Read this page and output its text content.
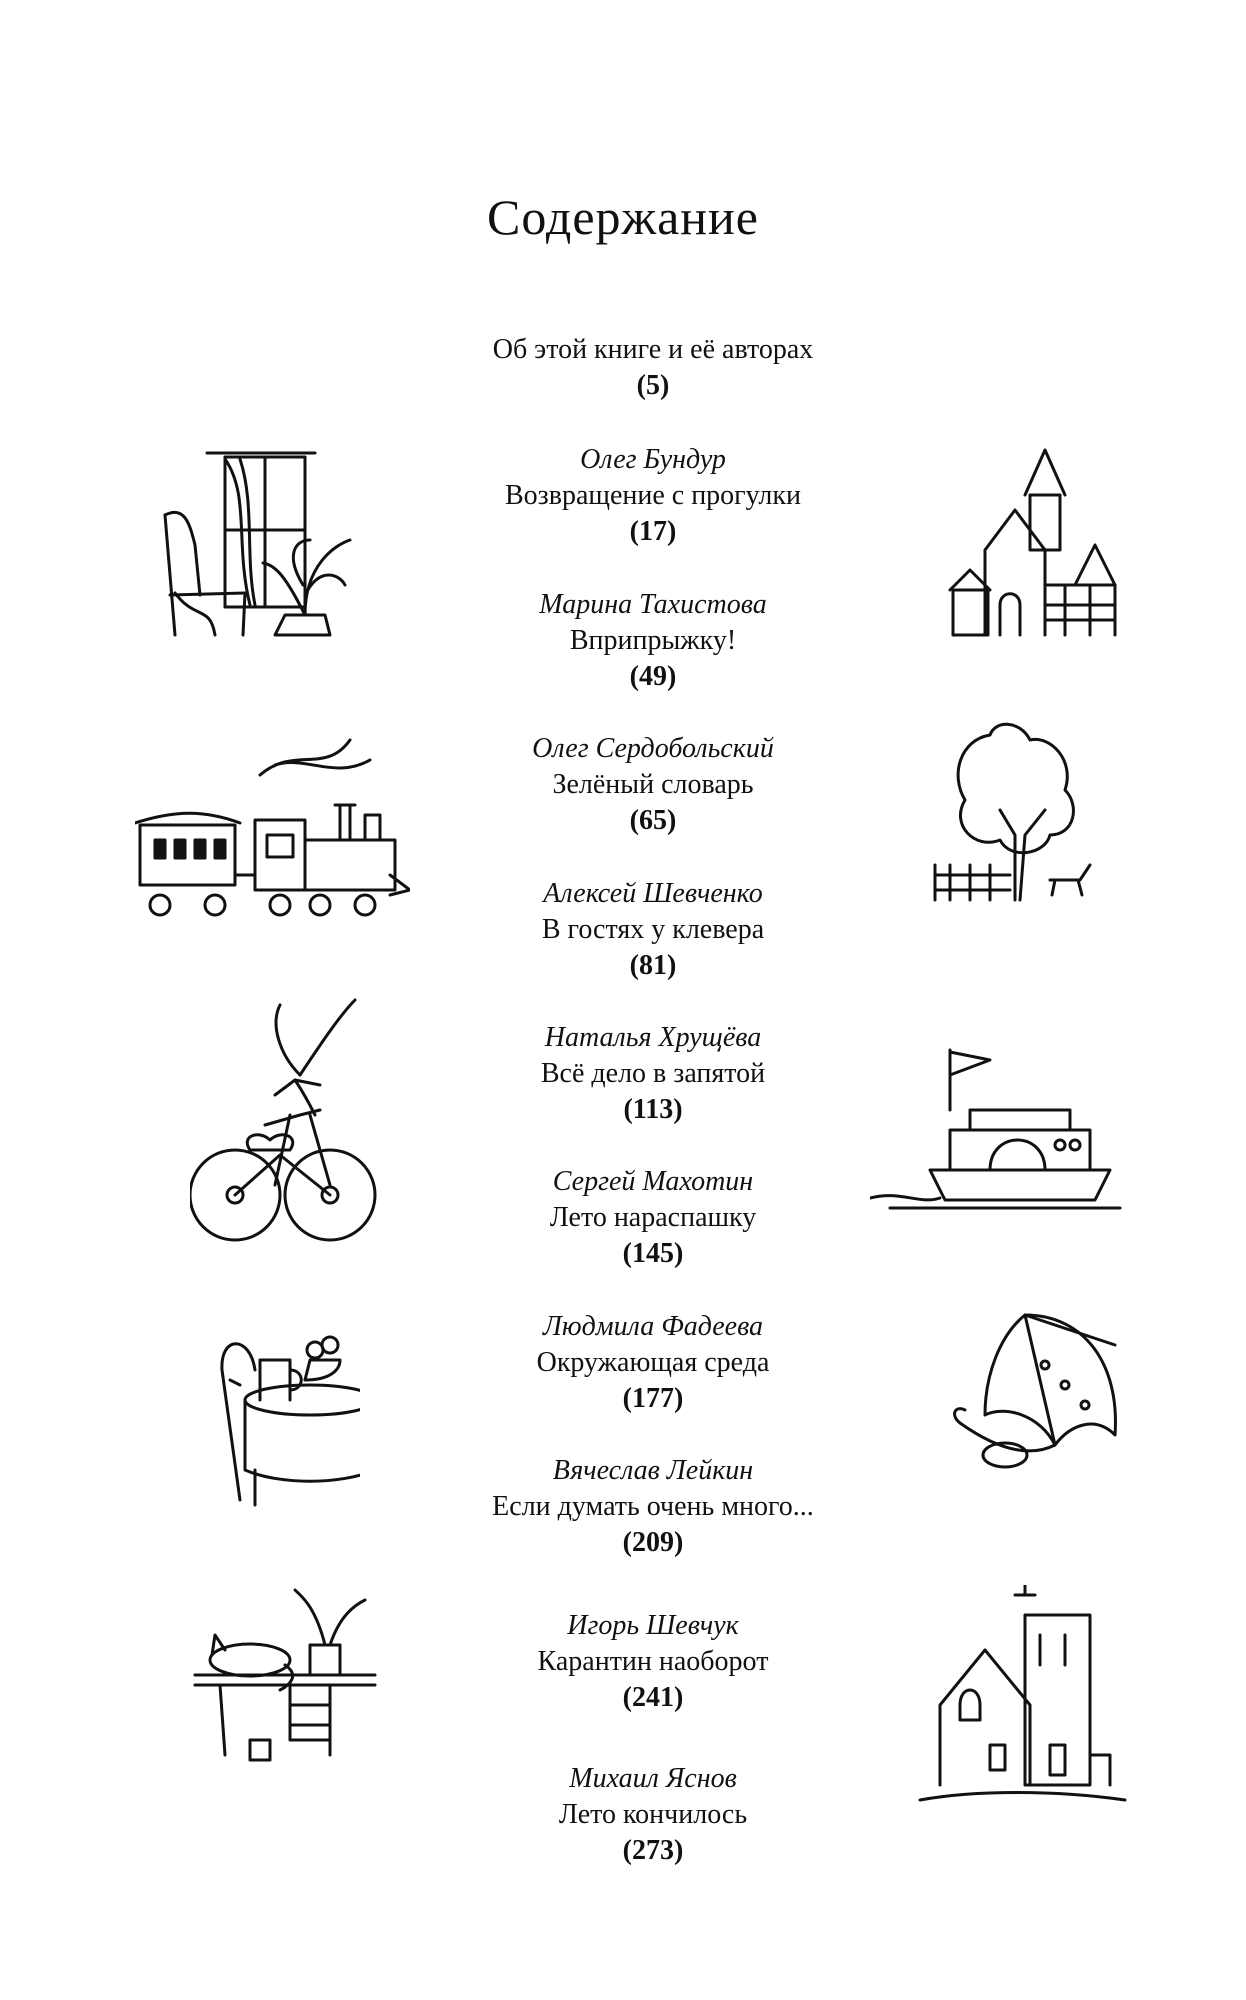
Содержание
Об этой книге и её авторах
(5)
Олег Бундур
Возвращение с прогулки
(17)
Марина Тахистова
Вприпрыжку!
(49)
Олег Сердобольский
Зелёный словарь
(65)
Алексей Шевченко
В гостях у клевера
(81)
Наталья Хрущёва
Всё дело в запятой
(113)
Сергей Махотин
Лето нараспашку
(145)
Людмила Фадеева
Окружающая среда
(177)
Вячеслав Лейкин
Если думать очень много...
(209)
Игорь Шевчук
Карантин наоборот
(241)
Михаил Яснов
Лето кончилось
(273)
